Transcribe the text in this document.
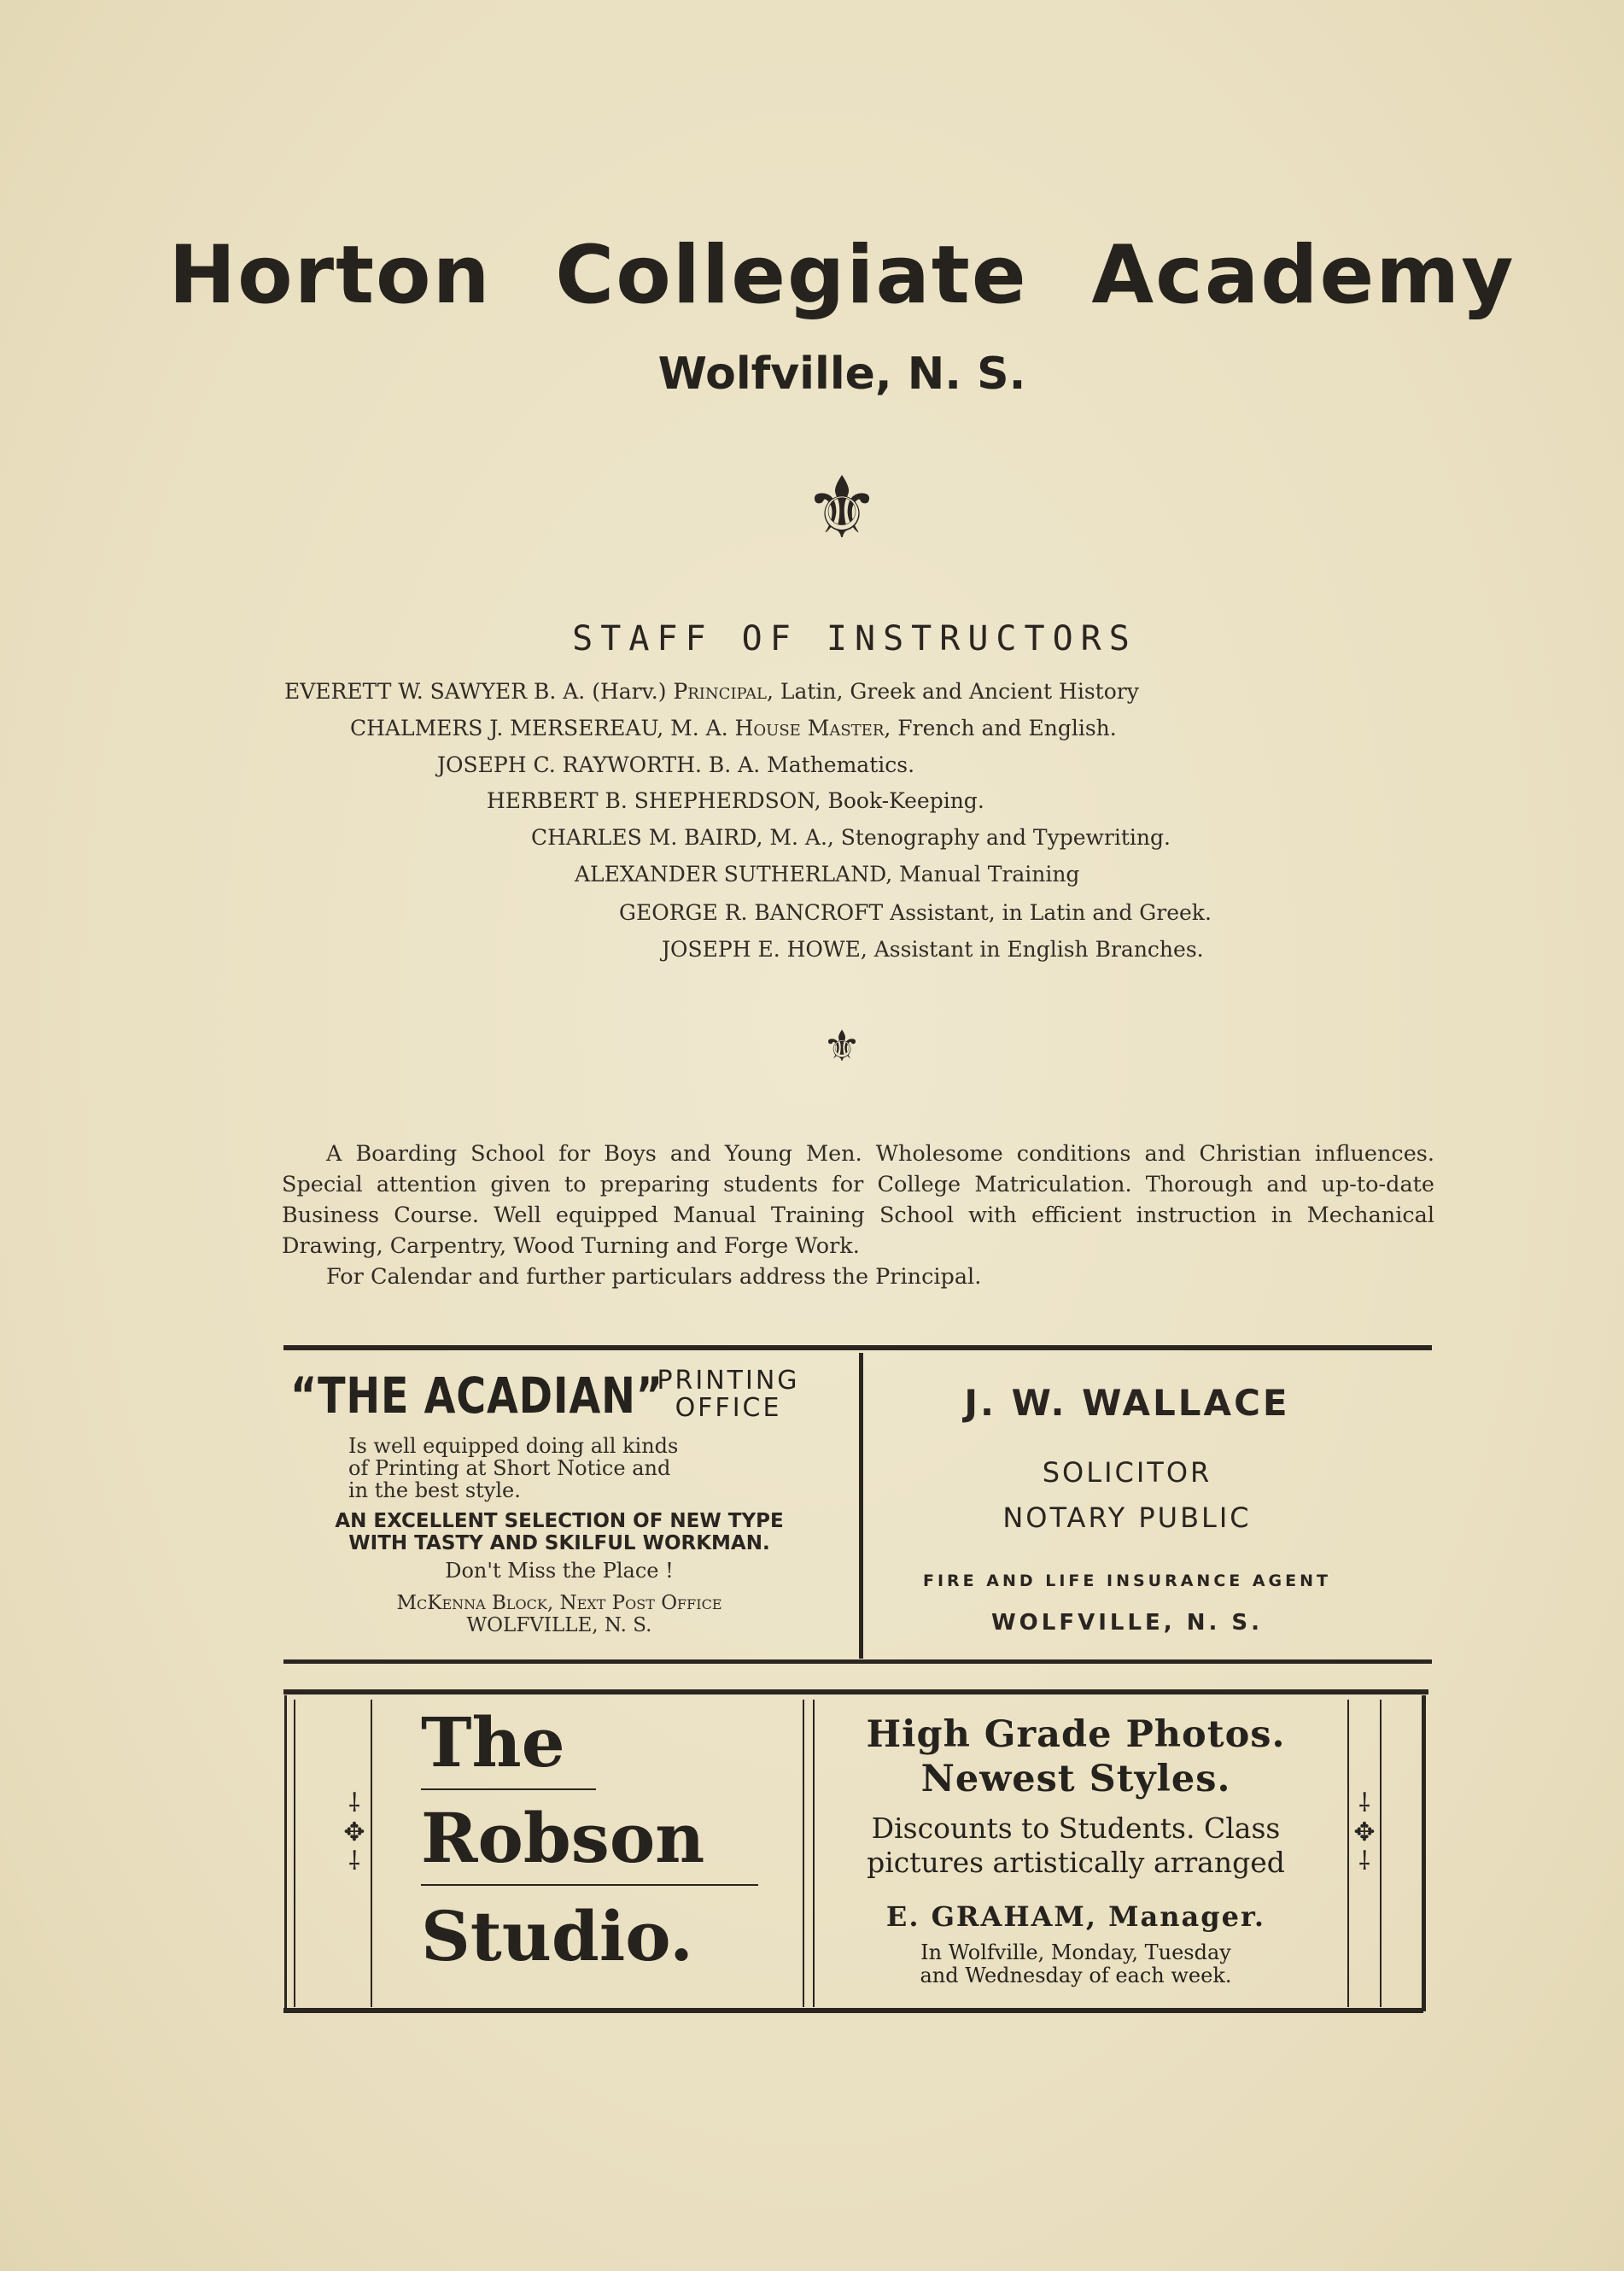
Horton Collegiate Academy
Wolfville, N. S.
⚜
STAFF OF INSTRUCTORS
EVERETT W. SAWYER B. A. (Harv.) Principal, Latin, Greek and Ancient History
CHALMERS J. MERSEREAU, M. A. House Master, French and English.
JOSEPH C. RAYWORTH. B. A. Mathematics.
HERBERT B. SHEPHERDSON, Book-Keeping.
CHARLES M. BAIRD, M. A., Stenography and Typewriting.
ALEXANDER SUTHERLAND, Manual Training
GEORGE R. BANCROFT Assistant, in Latin and Greek.
JOSEPH E. HOWE, Assistant in English Branches.
⚜

A Boarding School for Boys and Young Men. Wholesome conditions and Christian influences. Special attention given to preparing students for College Matriculation. Thorough and up-to-date Business Course. Well equipped Manual Training School with efficient instruction in Mechanical Drawing, Carpentry, Wood Turning and Forge Work.

For Calendar and further particulars address the Principal.

“THE ACADIAN”
PRINTING
OFFICE
Is well equipped doing all kinds
of Printing at Short Notice and
in the best style.
AN EXCELLENT SELECTION OF NEW TYPE
WITH TASTY AND SKILFUL WORKMAN.
Don't Miss the Place !
McKenna Block, Next Post Office
WOLFVILLE, N. S.
J. W. WALLACE
SOLICITOR
NOTARY PUBLIC
FIRE AND LIFE INSURANCE AGENT
WOLFVILLE, N. S.
⸸
✥
⸸
⸸
✥
⸸
The
Robson
Studio.
High Grade Photos.
Newest Styles.
Discounts to Students. Class
pictures artistically arranged
E. GRAHAM, Manager.
In Wolfville, Monday, Tuesday
and Wednesday of each week.
